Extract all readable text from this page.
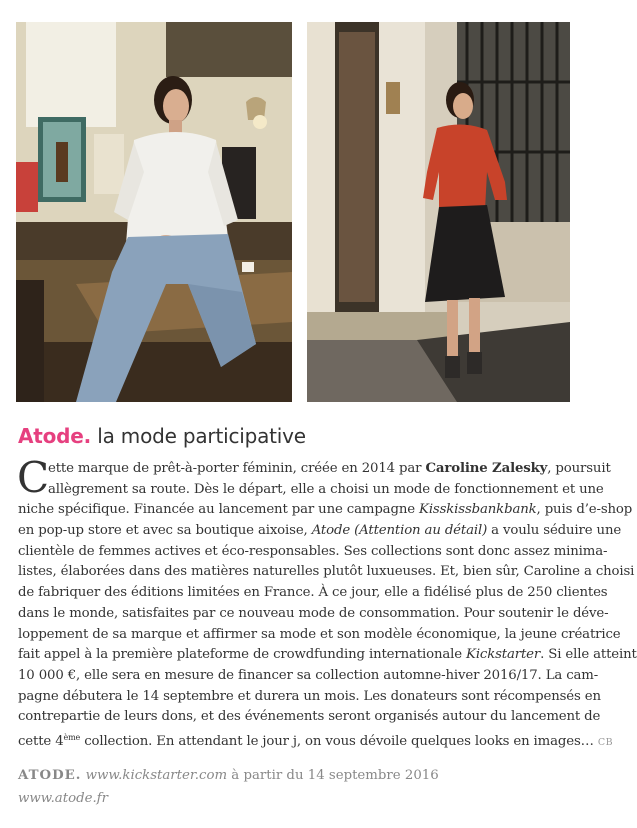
Atode. la mode participative
C ette marque de prêt-à-porter féminin, créée en 2014 par Caroline Zalesky, poursuit
allègrement sa route. Dès le départ, elle a choisi un mode de fonctionnement et une
niche spécifique. Financée au lancement par une campagne Kisskissbankbank, puis d’e-shop
en pop-up store et avec sa boutique aixoise, Atode (Attention au détail) a voulu séduire une
clientèle de femmes actives et éco-responsables. Ses collections sont donc assez minima-
listes, élaborées dans des matières naturelles plutôt luxueuses. Et, bien sûr, Caroline a choisi
de fabriquer des éditions limitées en France. À ce jour, elle a fidélisé plus de 250 clientes
dans le monde, satisfaites par ce nouveau mode de consommation. Pour soutenir le déve-
loppement de sa marque et affirmer sa mode et son modèle économique, la jeune créatrice
fait appel à la première plateforme de crowdfunding internationale Kickstarter. Si elle atteint
10 000 €, elle sera en mesure de financer sa collection automne-hiver 2016/17. La cam-
pagne débutera le 14 septembre et durera un mois. Les donateurs sont récompensés en
contrepartie de leurs dons, et des événements seront organisés autour du lancement de
cette 4ème collection. En attendant le jour j, on vous dévoile quelques looks en images… CB
ATODE. www.kickstarter.com à partir du 14 septembre 2016
www.atode.fr
